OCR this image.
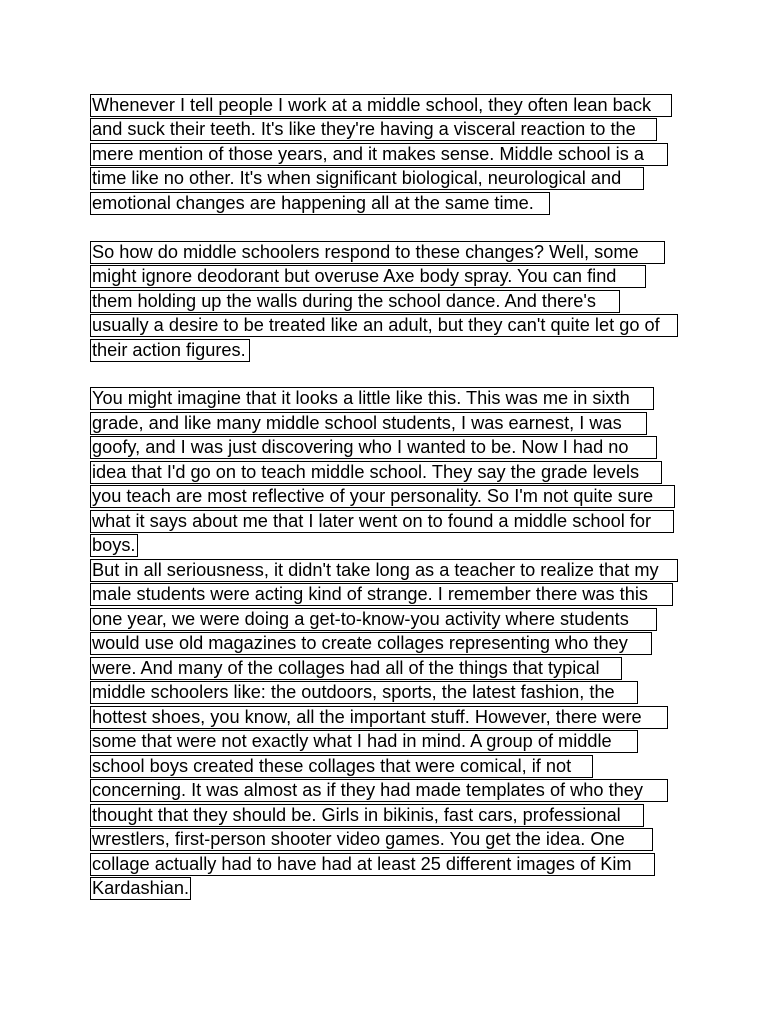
Whenever I tell people I work at a middle school, they often lean back
and suck their teeth. It's like they're having a visceral reaction to the
mere mention of those years, and it makes sense. Middle school is a
time like no other. It's when significant biological, neurological and
emotional changes are happening all at the same time.
So how do middle schoolers respond to these changes? Well, some
might ignore deodorant but overuse Axe body spray. You can find
them holding up the walls during the school dance. And there's
usually a desire to be treated like an adult, but they can't quite let go of
their action figures.
You might imagine that it looks a little like this. This was me in sixth
grade, and like many middle school students, I was earnest, I was
goofy, and I was just discovering who I wanted to be. Now I had no
idea that I'd go on to teach middle school. They say the grade levels
you teach are most reflective of your personality. So I'm not quite sure
what it says about me that I later went on to found a middle school for
boys.
But in all seriousness, it didn't take long as a teacher to realize that my
male students were acting kind of strange. I remember there was this
one year, we were doing a get-to-know-you activity where students
would use old magazines to create collages representing who they
were. And many of the collages had all of the things that typical
middle schoolers like: the outdoors, sports, the latest fashion, the
hottest shoes, you know, all the important stuff. However, there were
some that were not exactly what I had in mind. A group of middle
school boys created these collages that were comical, if not
concerning. It was almost as if they had made templates of who they
thought that they should be. Girls in bikinis, fast cars, professional
wrestlers, first-person shooter video games. You get the idea. One
collage actually had to have had at least 25 different images of Kim
Kardashian.
